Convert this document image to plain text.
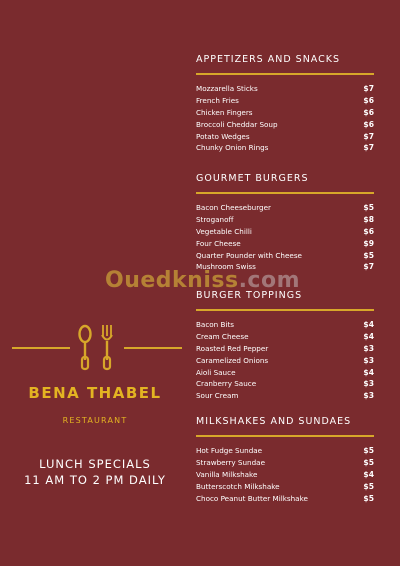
BENA THABEL
RESTAURANT
LUNCH SPECIALS
11 AM TO 2 PM DAILY
APPETIZERS AND SNACKS
Mozzarella Sticks	$7
French Fries	$6
Chicken Fingers	$6
Broccoli Cheddar Soup	$6
Potato Wedges	$7
Chunky Onion Rings	$7
GOURMET BURGERS
Bacon Cheeseburger	$5
Stroganoff	$8
Vegetable Chilli	$6
Four Cheese	$9
Quarter Pounder with Cheese	$5
Mushroom Swiss	$7
BURGER TOPPINGS
Bacon Bits	$4
Cream Cheese	$4
Roasted Red Pepper	$3
Caramelized Onions	$3
Aioli Sauce	$4
Cranberry Sauce	$3
Sour Cream	$3
MILKSHAKES AND SUNDAES
Hot Fudge Sundae	$5
Strawberry Sundae	$5
Vanilla Milkshake	$4
Butterscotch Milkshake	$5
Choco Peanut Butter Milkshake	$5
Ouedkniss.com
